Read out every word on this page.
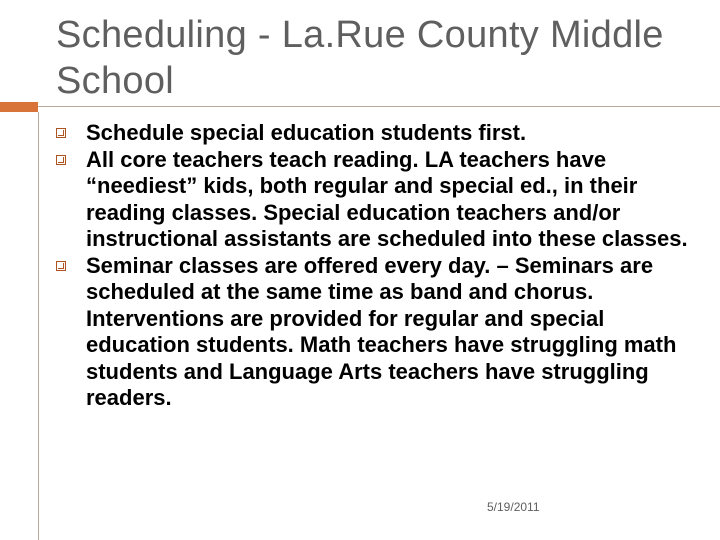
Scheduling - La.Rue County Middle School
Schedule special education students first.
All core teachers teach reading. LA teachers have “neediest” kids, both regular and special ed., in their reading classes. Special education teachers and/or instructional assistants are scheduled into these classes.
Seminar classes are offered every day. – Seminars are scheduled at the same time as band and chorus. Interventions are provided for regular and special education students. Math teachers have struggling math students and Language Arts teachers have struggling readers.
5/19/2011
